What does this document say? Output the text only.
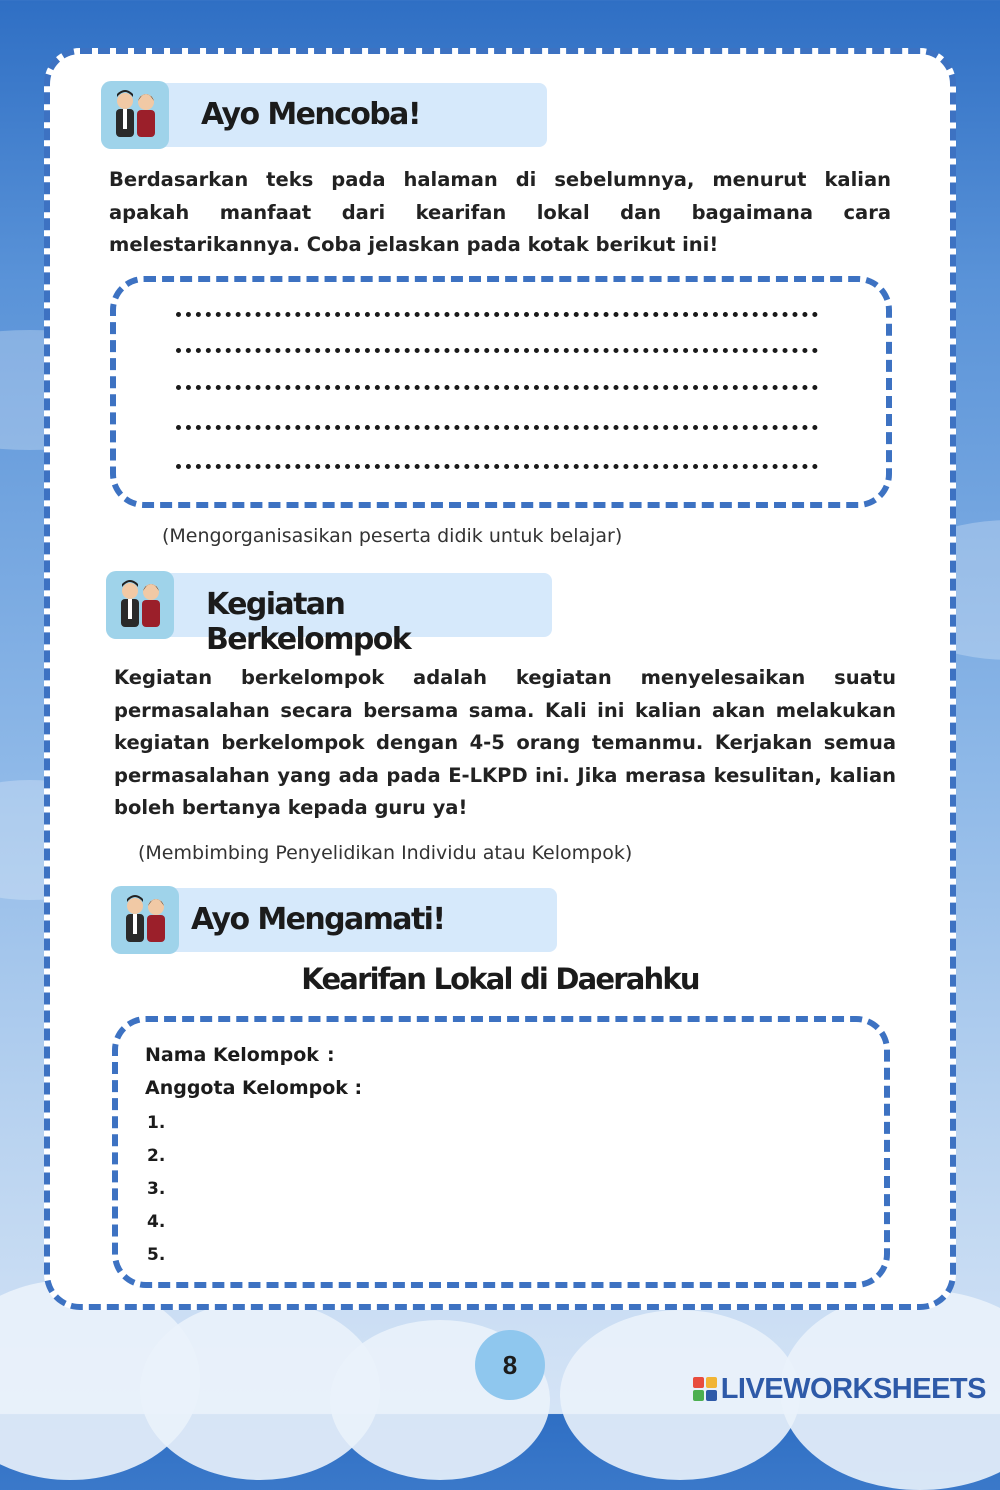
Ayo Mencoba!
Berdasarkan teks pada halaman di sebelumnya, menurut kalian apakah manfaat dari kearifan lokal dan bagaimana cara melestarikannya. Coba jelaskan pada kotak berikut ini!
(Mengorganisasikan peserta didik untuk belajar)
Kegiatan Berkelompok
Kegiatan berkelompok adalah kegiatan menyelesaikan suatu permasalahan secara bersama sama. Kali ini kalian akan melakukan kegiatan berkelompok dengan 4-5 orang temanmu. Kerjakan semua permasalahan yang ada pada E-LKPD ini. Jika merasa kesulitan, kalian boleh bertanya kepada guru ya!
(Membimbing Penyelidikan Individu atau Kelompok)
Ayo Mengamati!
Kearifan Lokal di Daerahku
Nama Kelompok :
Anggota Kelompok :
1.
2.
3.
4.
5.
8
LIVEWORKSHEETS
